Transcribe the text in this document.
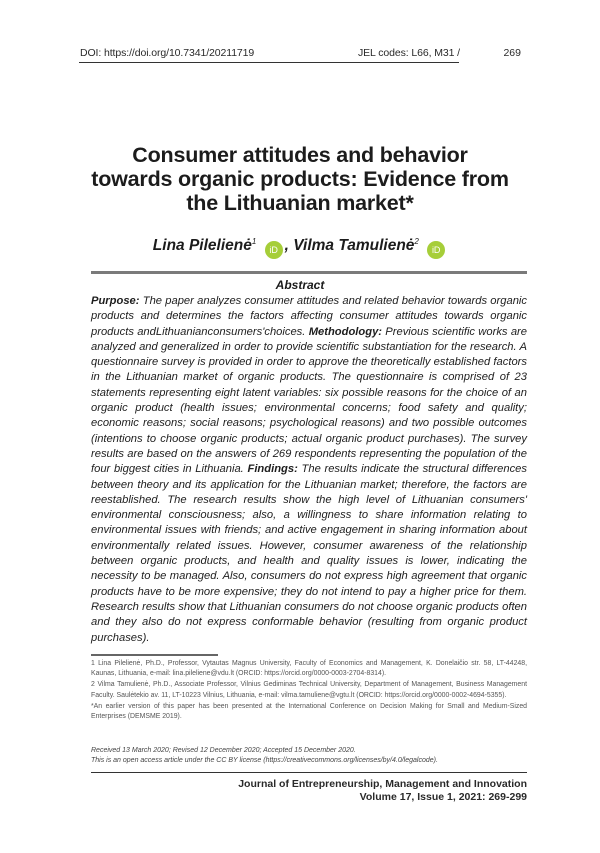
DOI: https://doi.org/10.7341/20211719	JEL codes: L66, M31 /	269
Consumer attitudes and behavior
towards organic products: Evidence from
the Lithuanian market*
Lina Pilelienė$^1$ iD , Vilma Tamulienė$^2$ iD
Abstract
Purpose: The paper analyzes consumer attitudes and related behavior towards organic products and determines the factors affecting consumer attitudes towards organic products andLithuanianconsumers'choices. Methodology: Previous scientific works are analyzed and generalized in order to provide scientific substantiation for the research. A questionnaire survey is provided in order to approve the theoretically established factors in the Lithuanian market of organic products. The questionnaire is comprised of 23 statements representing eight latent variables: six possible reasons for the choice of an organic product (health issues; environmental concerns; food safety and quality; economic reasons; social reasons; psychological reasons) and two possible outcomes (intentions to choose organic products; actual organic product purchases). The survey results are based on the answers of 269 respondents representing the population of the four biggest cities in Lithuania. Findings: The results indicate the structural differences between theory and its application for the Lithuanian market; therefore, the factors are reestablished. The research results show the high level of Lithuanian consumers' environmental consciousness; also, a willingness to share information relating to environmental issues with friends; and active engagement in sharing information about environmentally related issues. However, consumer awareness of the relationship between organic products, and health and quality issues is lower, indicating the necessity to be managed. Also, consumers do not express high agreement that organic products have to be more expensive; they do not intend to pay a higher price for them. Research results show that Lithuanian consumers do not choose organic products often and they also do not express conformable behavior (resulting from organic product purchases).

1 Lina Pilelienė, Ph.D., Professor, Vytautas Magnus University, Faculty of Economics and Management, K. Donelaičio str. 58, LT-44248, Kaunas, Lithuania, e-mail: lina.pileliene@vdu.lt (ORCID: https://orcid.org/0000-0003-2704-8314).

2 Vilma Tamulienė, Ph.D., Associate Professor, Vilnius Gediminas Technical University, Department of Management, Business Management Faculty. Saulėtekio av. 11, LT-10223 Vilnius, Lithuania, e-mail: vilma.tamuliene@vgtu.lt (ORCID: https://orcid.org/0000-0002-4694-5355).

*An earlier version of this paper has been presented at the International Conference on Decision Making for Small and Medium-Sized Enterprises (DEMSME 2019).

Received 13 March 2020; Revised 12 December 2020; Accepted 15 December 2020.

This is an open access article under the CC BY license (https://creativecommons.org/licenses/by/4.0/legalcode).

Journal of Entrepreneurship, Management and Innovation
Volume 17, Issue 1, 2021: 269-299
